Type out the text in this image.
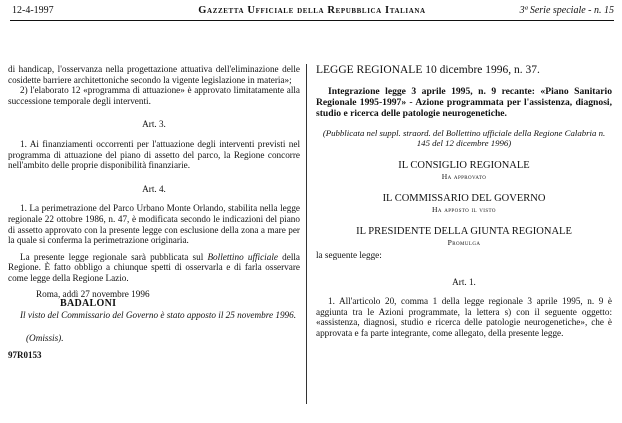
12-4-1997	Gazzetta Ufficiale della Repubblica Italiana	3ª Serie speciale - n. 15

di handicap, l'osservanza nella progettazione attuativa dell'eliminazione delle cosidette barriere architettoniche secondo la vigente legislazione in materia»;

2) l'elaborato 12 «programma di attuazione» è approvato limitatamente alla successione temporale degli interventi.

Art. 3.

1. Ai finanziamenti occorrenti per l'attuazione degli interventi previsti nel programma di attuazione del piano di assetto del parco, la Regione concorre nell'ambito delle proprie disponibilità finanziarie.

Art. 4.

1. La perimetrazione del Parco Urbano Monte Orlando, stabilita nella legge regionale 22 ottobre 1986, n. 47, è modificata secondo le indicazioni del piano di assetto approvato con la presente legge con esclusione della zona a mare per la quale si conferma la perimetrazione originaria.

La presente legge regionale sarà pubblicata sul Bollettino ufficiale della Regione. È fatto obbligo a chiunque spetti di osservarla e di farla osservare come legge della Regione Lazio.

Roma, addì 27 novembre 1996

BADALONI

Il visto del Commissario del Governo è stato apposto il 25 novembre 1996.

(Omissis).
97R0153
LEGGE REGIONALE 10 dicembre 1996, n. 37.

Integrazione legge 3 aprile 1995, n. 9 recante: «Piano Sanitario Regionale 1995-1997» - Azione programmata per l'assistenza, diagnosi, studio e ricerca delle patologie neurogenetiche.

(Pubblicata nel suppl. straord. del Bollettino ufficiale della Regione Calabria n. 145 del 12 dicembre 1996)
IL CONSIGLIO REGIONALE
Ha approvato
IL COMMISSARIO DEL GOVERNO
Ha apposto il visto
IL PRESIDENTE DELLA GIUNTA REGIONALE
Promulga

la seguente legge:

Art. 1.

1. All'articolo 20, comma 1 della legge regionale 3 aprile 1995, n. 9 è aggiunta tra le Azioni programmate, la lettera s) con il seguente oggetto: «assistenza, diagnosi, studio e ricerca delle patologie neurogenetiche», che è approvata e fa parte integrante, come allegato, della presente legge.
